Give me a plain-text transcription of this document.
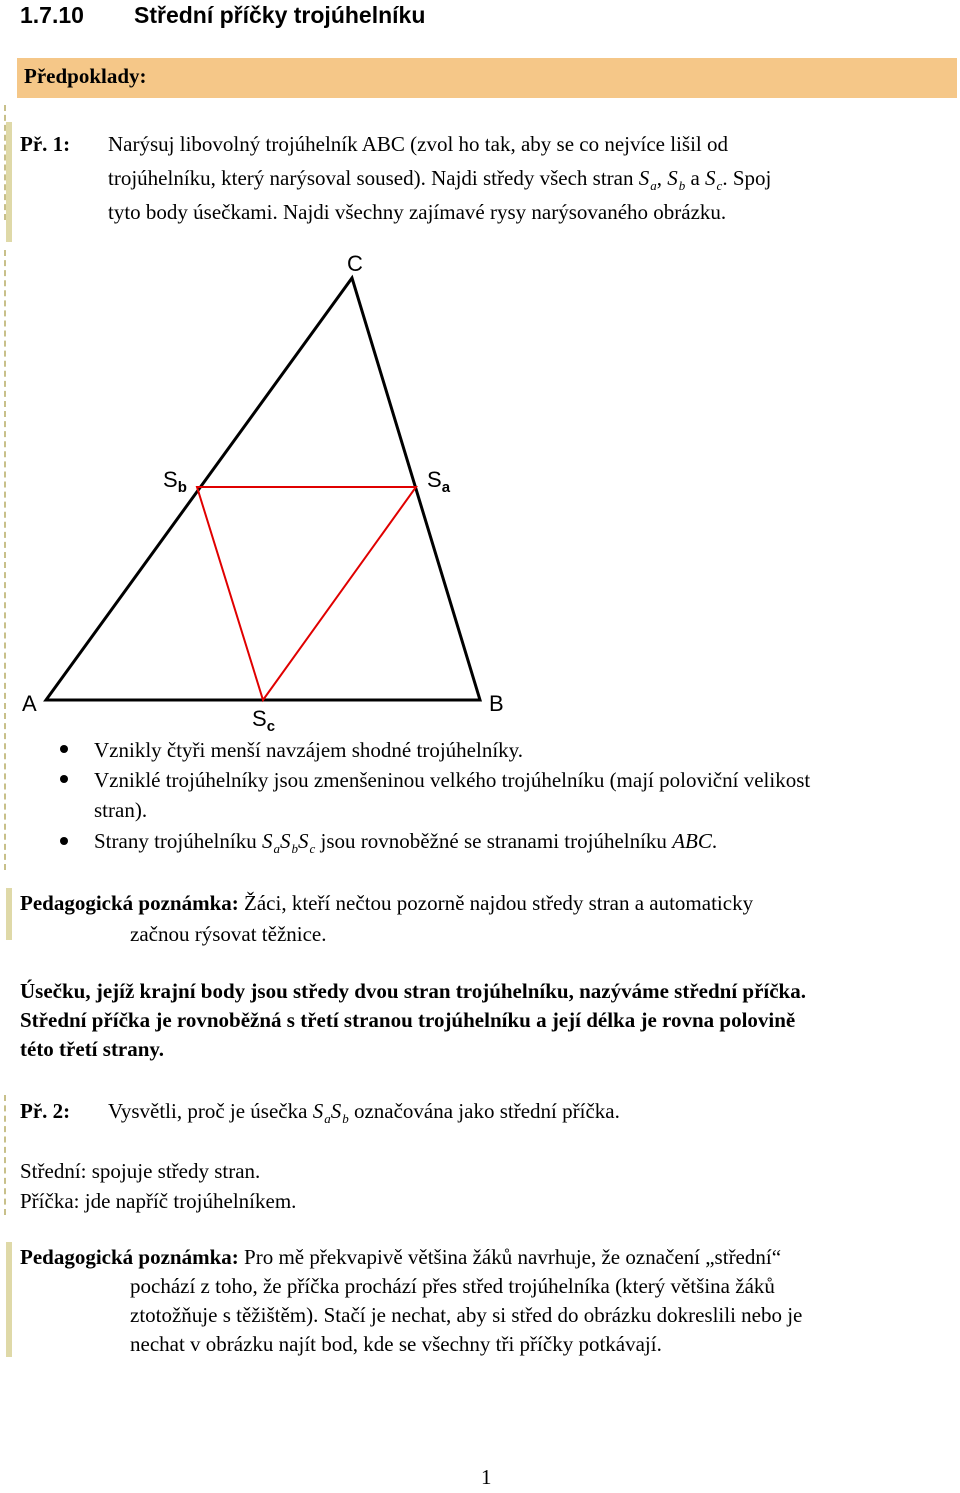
1.7.10 Střední příčky trojúhelníku
Předpoklady:
Př. 1: Narýsuj libovolný trojúhelník ABC (zvol ho tak, aby se co nejvíce lišil od
trojúhelníku, který narýsoval soused). Najdi středy všech stran $S_a$, $S_b$ a $S_c$. Spoj
tyto body úsečkami. Najdi všechny zajímavé rysy narýsovaného obrázku.
C
A	B
$S_b$	$S_a$
$S_c$
Vznikly čtyři menší navzájem shodné trojúhelníky.
Vzniklé trojúhelníky jsou zmenšeninou velkého trojúhelníku (mají poloviční velikost
stran).
Strany trojúhelníku $S_aS_bS_c$ jsou rovnoběžné se stranami trojúhelníku ABC.
Pedagogická poznámka: Žáci, kteří nečtou pozorně najdou středy stran a automaticky
začnou rýsovat těžnice.
Úsečku, jejíž krajní body jsou středy dvou stran trojúhelníku, nazýváme střední příčka.
Střední příčka je rovnoběžná s třetí stranou trojúhelníku a její délka je rovna polovině
této třetí strany.
Př. 2: Vysvětli, proč je úsečka $S_aS_b$ označována jako střední příčka.
Střední: spojuje středy stran.
Příčka: jde napříč trojúhelníkem.
Pedagogická poznámka: Pro mě překvapivě většina žáků navrhuje, že označení „střední“
pochází z toho, že příčka prochází přes střed trojúhelníka (který většina žáků
ztotožňuje s těžištěm). Stačí je nechat, aby si střed do obrázku dokreslili nebo je
nechat v obrázku najít bod, kde se všechny tři příčky potkávají.
1
